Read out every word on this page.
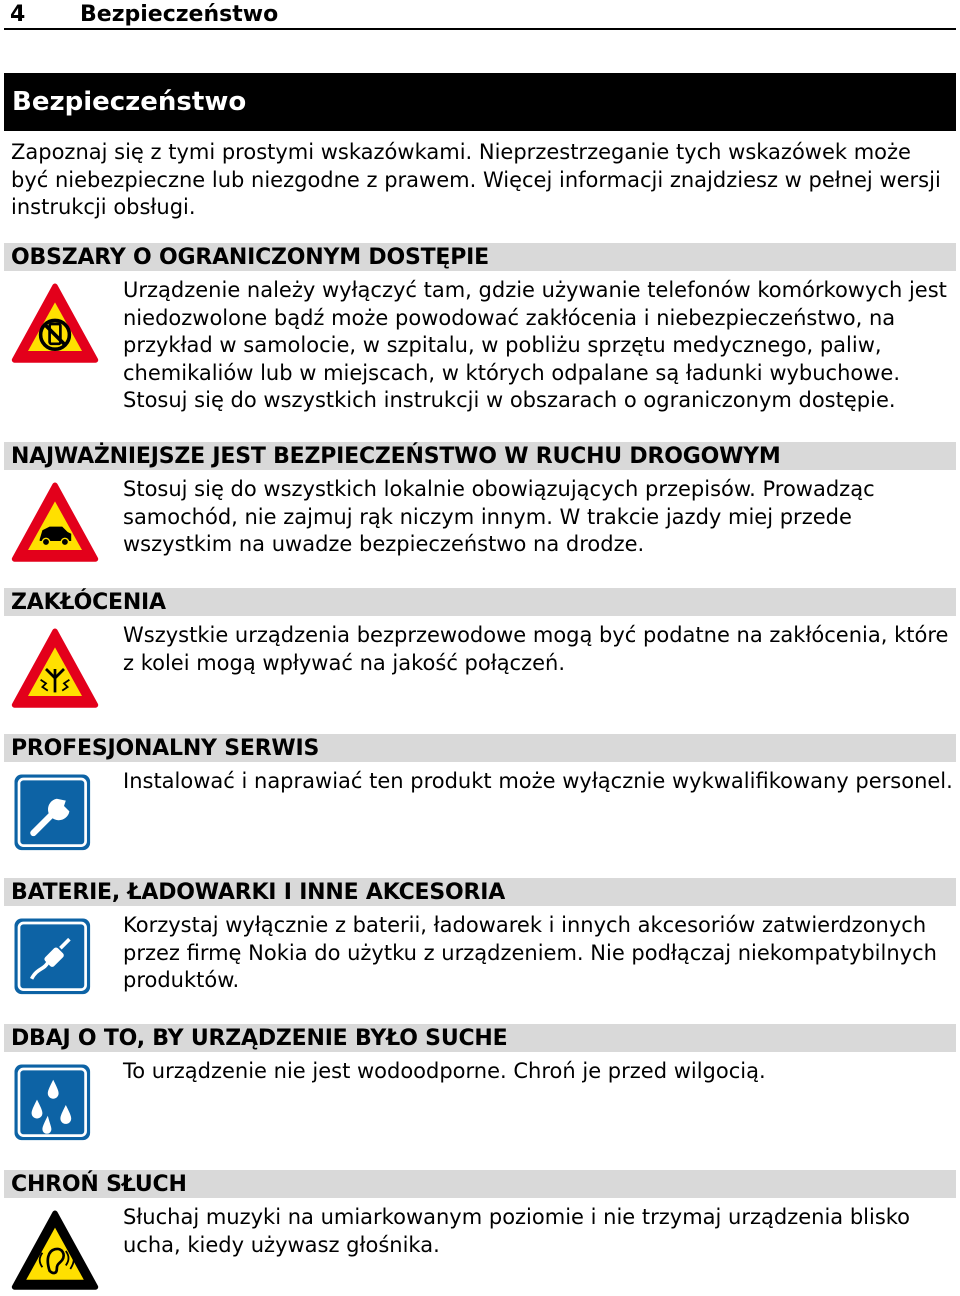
4	Bezpieczeństwo
Bezpieczeństwo
Zapoznaj się z tymi prostymi wskazówkami. Nieprzestrzeganie tych wskazówek może być niebezpieczne lub niezgodne z prawem. Więcej informacji znajdziesz w pełnej wersji instrukcji obsługi.
OBSZARY O OGRANICZONYM DOSTĘPIE
Urządzenie należy wyłączyć tam, gdzie używanie telefonów komórkowych jest niedozwolone bądź może powodować zakłócenia i niebezpieczeństwo, na przykład w samolocie, w szpitalu, w pobliżu sprzętu medycznego, paliw, chemikaliów lub w miejscach, w których odpalane są ładunki wybuchowe. Stosuj się do wszystkich instrukcji w obszarach o ograniczonym dostępie.
NAJWAŻNIEJSZE JEST BEZPIECZEŃSTWO W RUCHU DROGOWYM
Stosuj się do wszystkich lokalnie obowiązujących przepisów. Prowadząc samochód, nie zajmuj rąk niczym innym. W trakcie jazdy miej przede wszystkim na uwadze bezpieczeństwo na drodze.
ZAKŁÓCENIA
Wszystkie urządzenia bezprzewodowe mogą być podatne na zakłócenia, które z kolei mogą wpływać na jakość połączeń.
PROFESJONALNY SERWIS
Instalować i naprawiać ten produkt może wyłącznie wykwalifikowany personel.
BATERIE, ŁADOWARKI I INNE AKCESORIA
Korzystaj wyłącznie z baterii, ładowarek i innych akcesoriów zatwierdzonych przez firmę Nokia do użytku z urządzeniem. Nie podłączaj niekompatybilnych produktów.
DBAJ O TO, BY URZĄDZENIE BYŁO SUCHE
To urządzenie nie jest wodoodporne. Chroń je przed wilgocią.
CHROŃ SŁUCH
Słuchaj muzyki na umiarkowanym poziomie i nie trzymaj urządzenia blisko ucha, kiedy używasz głośnika.
